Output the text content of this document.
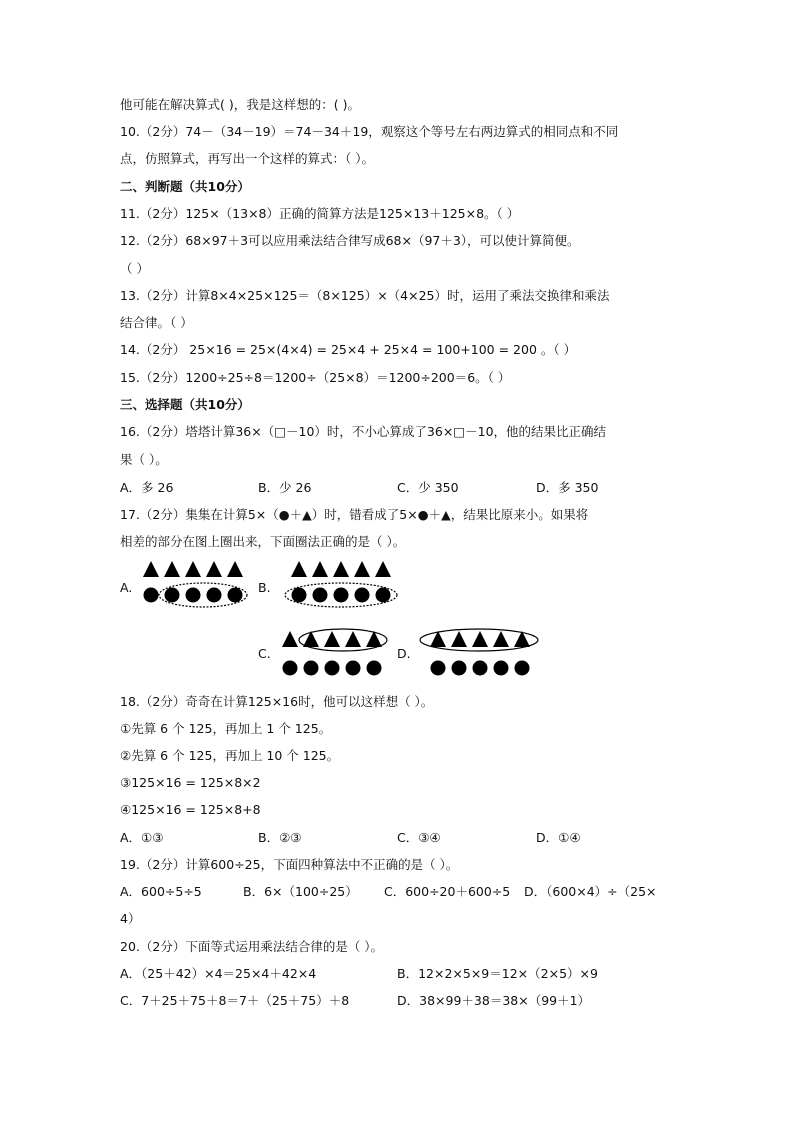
他可能在解决算式( )，我是这样想的：( )。
10.（2分）74－（34－19）＝74－34＋19，观察这个等号左右两边算式的相同点和不同
点，仿照算式，再写出一个这样的算式：（ ）。
二、判断题（共10分）
11.（2分）125×（13×8）正确的简算方法是125×13＋125×8。（ ）
12.（2分）68×97＋3可以应用乘法结合律写成68×（97＋3），可以使计算简便。
（ ）
13.（2分）计算8×4×25×125＝（8×125）×（4×25）时，运用了乘法交换律和乘法
结合律。（ ）
14.（2分） 25×16 = 25×(4×4) = 25×4 + 25×4 = 100+100 = 200 。（ ）
15.（2分）1200÷25÷8＝1200÷（25×8）＝1200÷200＝6。（ ）
三、选择题（共10分）
16.（2分）塔塔计算36×（□－10）时，不小心算成了36×□－10，他的结果比正确结
果（ ）。
A．多 26	B．少 26	C．少 350	D．多 350
17.（2分）集集在计算5×（●＋▲）时，错看成了5×●＋▲，结果比原来小。如果将
相差的部分在图上圈出来，下面圈法正确的是（ ）。
A.	B.
C.	D.
18.（2分）奇奇在计算125×16时，他可以这样想（ ）。
①先算 6 个 125，再加上 1 个 125。
②先算 6 个 125，再加上 10 个 125。
③125×16 = 125×8×2
④125×16 = 125×8+8
A．①③	B．②③	C．③④	D．①④
19.（2分）计算600÷25，下面四种算法中不正确的是（ ）。
A．600÷5÷5	B．6×（100÷25） C．600÷20＋600÷5 D．（600×4）÷（25×
4）
20.（2分）下面等式运用乘法结合律的是（ ）。
A．（25＋42）×4＝25×4＋42×4	B．12×2×5×9＝12×（2×5）×9
C．7＋25＋75＋8＝7＋（25＋75）＋8	D．38×99＋38＝38×（99＋1）
